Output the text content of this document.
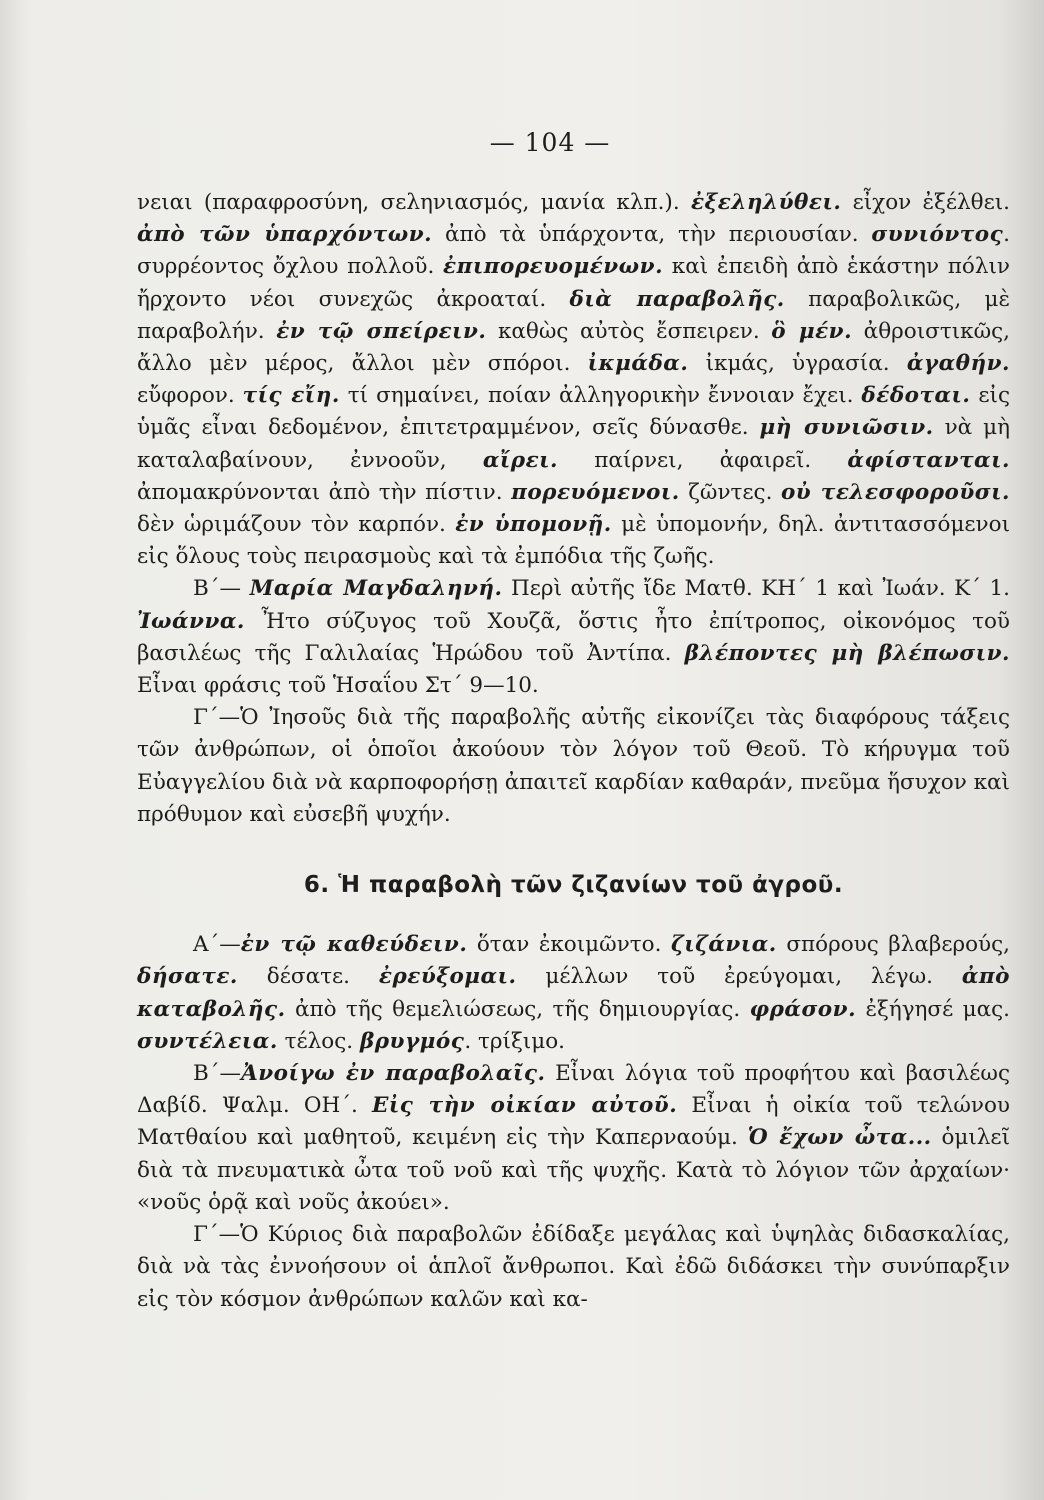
— 104 —

νειαι (παραφροσύνη, σεληνιασμός, μανία κλπ.). ἐξεληλύθει. εἶχον ἐξέλθει. ἀπὸ τῶν ὑπαρχόντων. ἀπὸ τὰ ὑπάρχοντα, τὴν περιουσίαν. συνιόντος. συρρέοντος ὄχλου πολλοῦ. ἐπιπορευομένων. καὶ ἐπειδὴ ἀπὸ ἑκάστην πόλιν ἤρχοντο νέοι συνεχῶς ἀκροαταί. διὰ παραβολῆς. παραβολικῶς, μὲ παραβολήν. ἐν τῷ σπείρειν. καθὼς αὐτὸς ἔσπειρεν. ὃ μέν. ἀθροιστικῶς, ἄλλο μὲν μέρος, ἄλλοι μὲν σπόροι. ἰκμάδα. ἰκμάς, ὑγρασία. ἀγαθήν. εὔφορον. τίς εἴη. τί σημαίνει, ποίαν ἀλληγορικὴν ἔννοιαν ἔχει. δέδοται. εἰς ὑμᾶς εἶναι δεδομένον, ἐπιτετραμμένον, σεῖς δύνασθε. μὴ συνιῶσιν. νὰ μὴ καταλαβαίνουν, ἐννοοῦν, αἴρει. παίρνει, ἀφαιρεῖ. ἀφίστανται. ἀπομακρύνονται ἀπὸ τὴν πίστιν. πορευόμενοι. ζῶντες. οὐ τελεσφοροῦσι. δὲν ὡριμάζουν τὸν καρπόν. ἐν ὑπομονῇ. μὲ ὑπομονήν, δηλ. ἀντιτασσόμενοι εἰς ὅλους τοὺς πειρασμοὺς καὶ τὰ ἐμπόδια τῆς ζωῆς.

Β΄— Μαρία Μαγδαληνή. Περὶ αὐτῆς ἴδε Ματθ. ΚΗ΄ 1 καὶ Ἰωάν. Κ΄ 1. Ἰωάννα. Ἦτο σύζυγος τοῦ Χουζᾶ, ὅστις ἦτο ἐπίτροπος, οἰκονόμος τοῦ βασιλέως τῆς Γαλιλαίας Ἡρώδου τοῦ Ἀντίπα. βλέποντες μὴ βλέπωσιν. Εἶναι φράσις τοῦ Ἡσαΐου Στ΄ 9—10.

Γ΄—Ὁ Ἰησοῦς διὰ τῆς παραβολῆς αὐτῆς εἰκονίζει τὰς διαφόρους τάξεις τῶν ἀνθρώπων, οἱ ὁποῖοι ἀκούουν τὸν λόγον τοῦ Θεοῦ. Τὸ κήρυγμα τοῦ Εὐαγγελίου διὰ νὰ καρποφορήσῃ ἀπαιτεῖ καρδίαν καθαράν, πνεῦμα ἥσυχον καὶ πρόθυμον καὶ εὐσεβῆ ψυχήν.

6. Ἡ παραβολὴ τῶν ζιζανίων τοῦ ἀγροῦ.

Α΄—ἐν τῷ καθεύδειν. ὅταν ἐκοιμῶντο. ζιζάνια. σπόρους βλαβερούς, δήσατε. δέσατε. ἐρεύξομαι. μέλλων τοῦ ἐρεύγομαι, λέγω. ἀπὸ καταβολῆς. ἀπὸ τῆς θεμελιώσεως, τῆς δημιουργίας. φράσον. ἐξήγησέ μας. συντέλεια. τέλος. βρυγμός. τρίξιμο.

Β΄—Ἀνοίγω ἐν παραβολαῖς. Εἶναι λόγια τοῦ προφήτου καὶ βασιλέως Δαβίδ. Ψαλμ. ΟΗ΄. Εἰς τὴν οἰκίαν αὐτοῦ. Εἶναι ἡ οἰκία τοῦ τελώνου Ματθαίου καὶ μαθητοῦ, κειμένη εἰς τὴν Καπερναούμ. Ὁ ἔχων ὦτα... ὁμιλεῖ διὰ τὰ πνευματικὰ ὦτα τοῦ νοῦ καὶ τῆς ψυχῆς. Κατὰ τὸ λόγιον τῶν ἀρχαίων· «νοῦς ὁρᾷ καὶ νοῦς ἀκούει».

Γ΄—Ὁ Κύριος διὰ παραβολῶν ἐδίδαξε μεγάλας καὶ ὑψηλὰς διδασκαλίας, διὰ νὰ τὰς ἐννοήσουν οἱ ἁπλοῖ ἄνθρωποι. Καὶ ἐδῶ διδάσκει τὴν συνύπαρξιν εἰς τὸν κόσμον ἀνθρώπων καλῶν καὶ κα-
